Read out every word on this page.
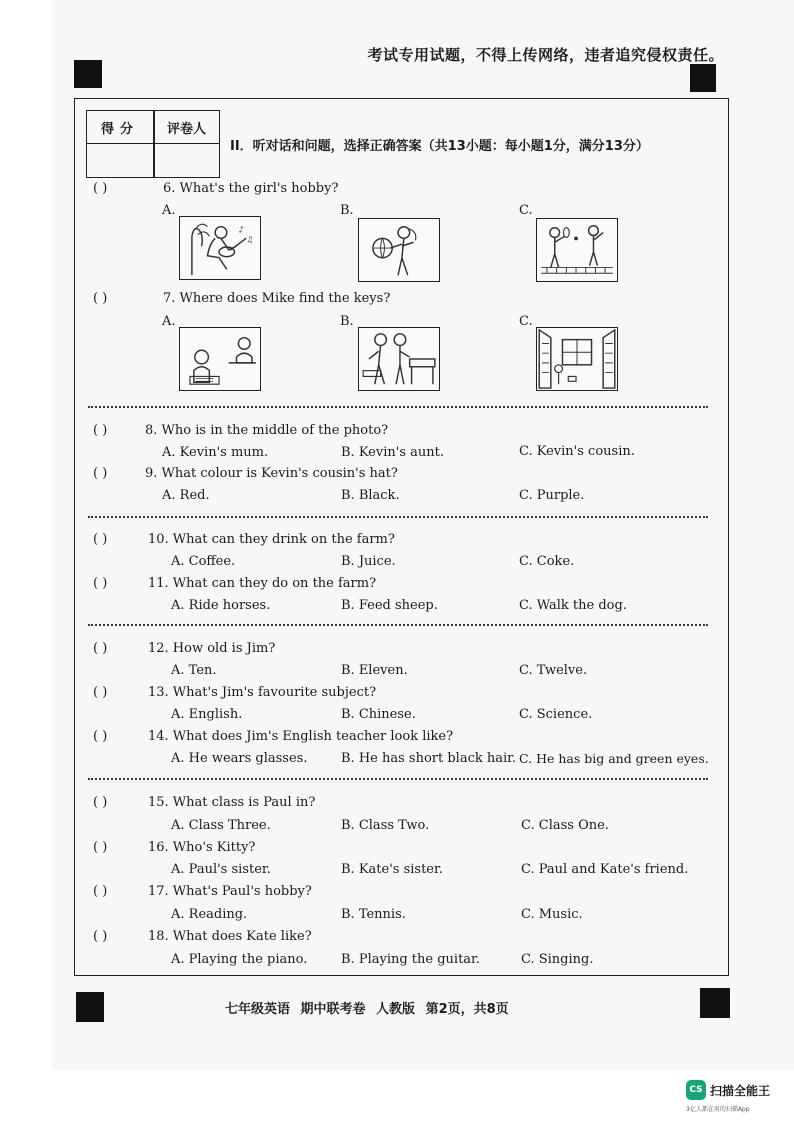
考试专用试题，不得上传网络，违者追究侵权责任。
得分 评卷人
II．听对话和问题，选择正确答案（共13小题：每小题1分，满分13分）
( )	6. What's the girl's hobby?
A.	B.	C.
♪
♫
( )	7. Where does Mike find the keys?
A.	B.	C.
( )	8. Who is in the middle of the photo?
A. Kevin's mum.	B. Kevin's aunt.	C. Kevin's cousin.
( )	9. What colour is Kevin's cousin's hat?
A. Red.	B. Black.	C. Purple.
( )	10. What can they drink on the farm?
A. Coffee.	B. Juice.	C. Coke.
( )	11. What can they do on the farm?
A. Ride horses.	B. Feed sheep.	C. Walk the dog.
( )	12. How old is Jim?
A. Ten.	B. Eleven.	C. Twelve.
( )	13. What's Jim's favourite subject?
A. English.	B. Chinese.	C. Science.
( )	14. What does Jim's English teacher look like?
A. He wears glasses.	B. He has short black hair. C. He has big and green eyes.
( )	15. What class is Paul in?
A. Class Three.	B. Class Two.	C. Class One.
( )	16. Who's Kitty?
A. Paul's sister.	B. Kate's sister.	C. Paul and Kate's friend.
( )	17. What's Paul's hobby?
A. Reading.	B. Tennis.	C. Music.
( )	18. What does Kate like?
A. Playing the piano.	B. Playing the guitar.	C. Singing.
七年级英语 期中联考卷 人教版 第2页，共8页
CS 扫描全能王
3亿人都在用的扫描App
